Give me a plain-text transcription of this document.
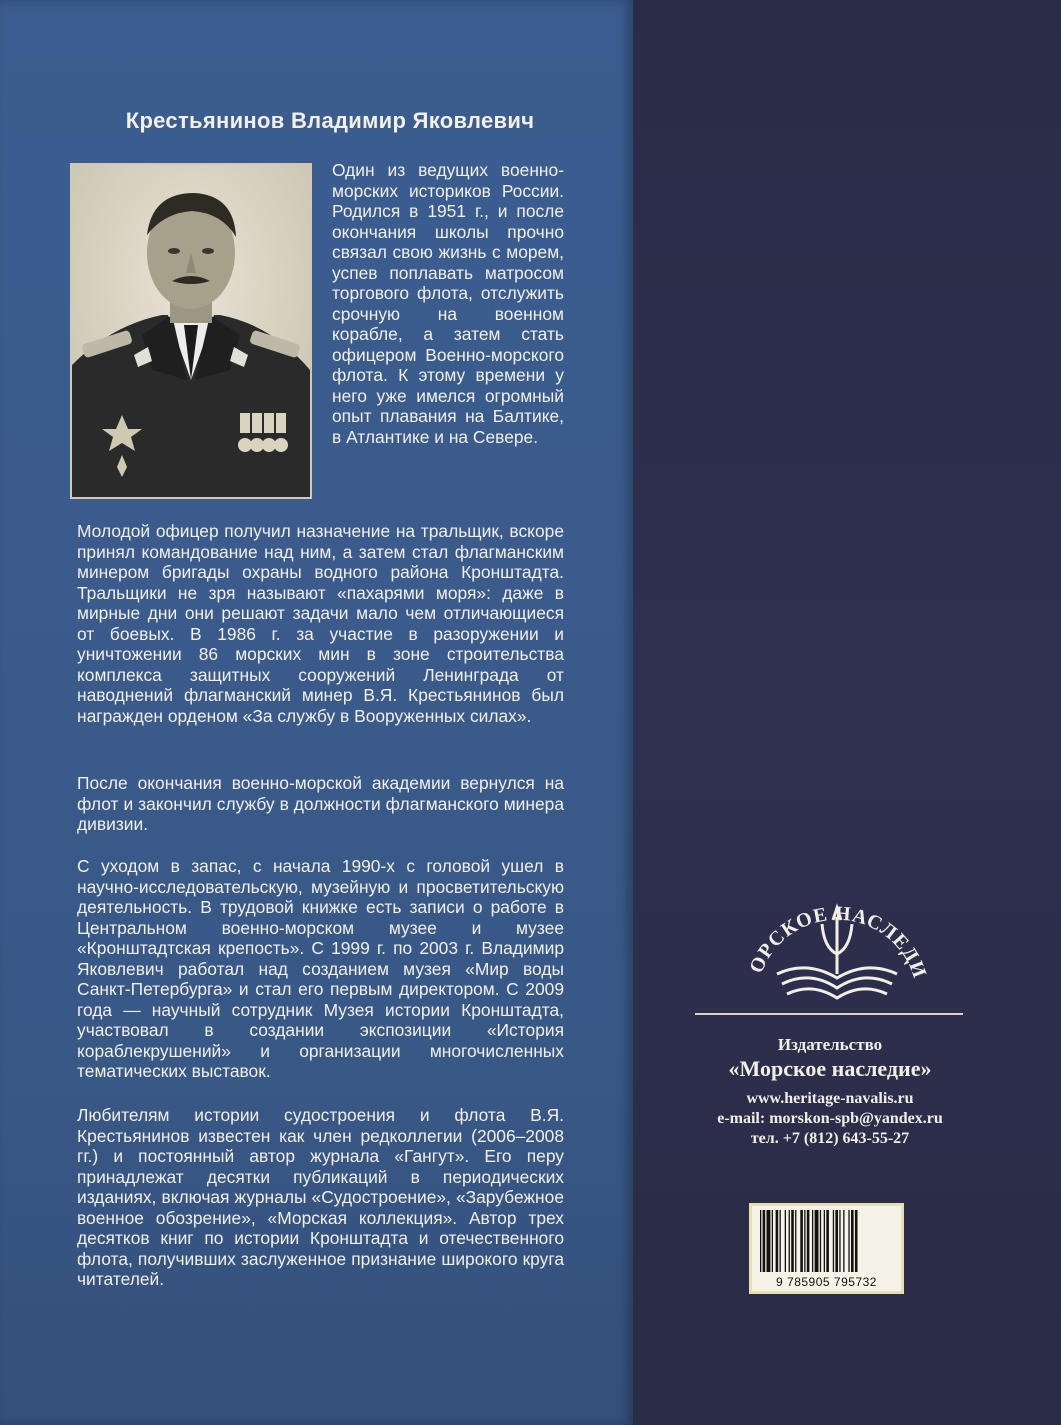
Крестьянинов Владимир Яковлевич
Один из ведущих военно-морских историков России. Родился в 1951 г., и после окончания школы прочно связал свою жизнь с морем, успев поплавать матросом торгового флота, отслужить срочную на военном корабле, а затем стать офицером Военно-морского флота. К этому времени у него уже имелся огромный опыт плавания на Балтике, в Атлантике и на Севере.
Молодой офицер получил назначение на тральщик, вскоре принял командование над ним, а затем стал флагманским минером бригады охраны водного района Кронштадта. Тральщики не зря называют «пахарями моря»: даже в мирные дни они решают задачи мало чем отличающиеся от боевых. В 1986 г. за участие в разоружении и уничтожении 86 морских мин в зоне строительства комплекса защитных сооружений Ленинграда от наводнений флагманский минер В.Я. Крестьянинов был награжден орденом «За службу в Вооруженных силах».
После окончания военно-морской академии вернулся на флот и закончил службу в должности флагманского минера дивизии.
С уходом в запас, с начала 1990-х с головой ушел в научно-исследовательскую, музейную и просветительскую деятельность. В трудовой книжке есть записи о работе в Центральном военно-морском музее и музее «Кронштадтская крепость». С 1999 г. по 2003 г. Владимир Яковлевич работал над созданием музея «Мир воды Санкт-Петербурга» и стал его первым директором. С 2009 года — научный сотрудник Музея истории Кронштадта, участвовал в создании экспозиции «История кораблекрушений» и организации многочисленных тематических выставок.
Любителям истории судостроения и флота В.Я. Крестьянинов известен как член редколлегии (2006–2008 гг.) и постоянный автор журнала «Гангут». Его перу принадлежат десятки публикаций в периодических изданиях, включая журналы «Судостроение», «Зарубежное военное обозрение», «Морская коллекция». Автор трех десятков книг по истории Кронштадта и отечественного флота, получивших заслуженное признание широкого круга читателей.
ОРСКОЕ НАСЛЕДИ
Издательство
«Морское наследие»
www.heritage-navalis.ru
e-mail: morskon-spb@yandex.ru
тел. +7 (812) 643-55-27
9 785905 795732
